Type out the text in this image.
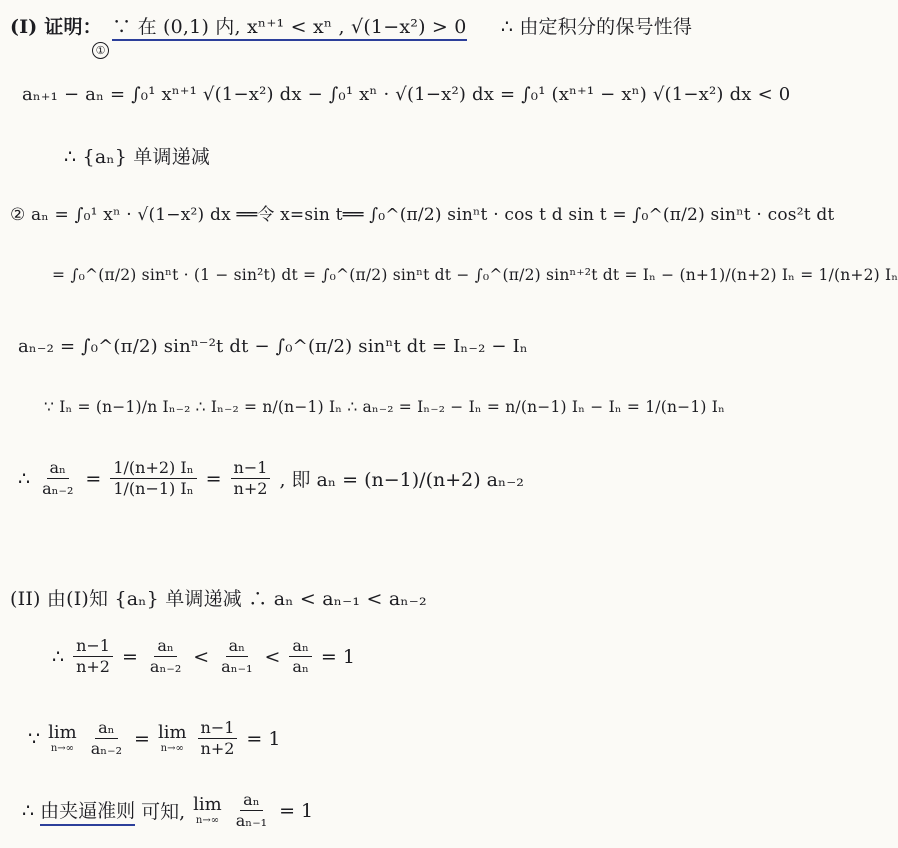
(I) 证明： ∵ 在 (0,1) 内, xⁿ⁺¹ < xⁿ , √(1−x²) > 0 ∴ 由定积分的保号性得
①
aₙ₊₁ − aₙ = ∫₀¹ xⁿ⁺¹ √(1−x²) dx − ∫₀¹ xⁿ · √(1−x²) dx = ∫₀¹ (xⁿ⁺¹ − xⁿ) √(1−x²) dx < 0
∴ {aₙ} 单调递减
② aₙ = ∫₀¹ xⁿ · √(1−x²) dx ══令 x=sin t══ ∫₀^(π/2) sinⁿt · cos t d sin t = ∫₀^(π/2) sinⁿt · cos²t dt
= ∫₀^(π/2) sinⁿt · (1 − sin²t) dt = ∫₀^(π/2) sinⁿt dt − ∫₀^(π/2) sinⁿ⁺²t dt = Iₙ − (n+1)/(n+2) Iₙ = 1/(n+2) Iₙ
aₙ₋₂ = ∫₀^(π/2) sinⁿ⁻²t dt − ∫₀^(π/2) sinⁿt dt = Iₙ₋₂ − Iₙ
∵ Iₙ = (n−1)/n Iₙ₋₂ ∴ Iₙ₋₂ = n/(n−1) Iₙ ∴ aₙ₋₂ = Iₙ₋₂ − Iₙ = n/(n−1) Iₙ − Iₙ = 1/(n−1) Iₙ
∴ $\frac{\text{aₙ}}{\text{aₙ₋₂}} = \frac{\text{1/(n+2) Iₙ}}{\text{1/(n−1) Iₙ}} = \frac{n-1}{n+2}$ , 即 aₙ = (n−1)/(n+2) aₙ₋₂
(II) 由(I)知 {aₙ} 单调递减 ∴ aₙ < aₙ₋₁ < aₙ₋₂
∴ $\frac{n-1}{n+2} = \frac{\text{aₙ}}{\text{aₙ₋₂}} < \frac{\text{aₙ}}{\text{aₙ₋₁}} < \frac{\text{aₙ}}{\text{aₙ}} = 1$
∵ lim
$n\to\infty \frac{\text{aₙ}}{\text{aₙ₋₂}} = \lim$
$n\to\infty \frac{n-1}{n+2} = 1$
∴ 由夹逼准则 可知, lim
$n\to\infty \frac{\text{aₙ}}{\text{aₙ₋₁}} = 1$
